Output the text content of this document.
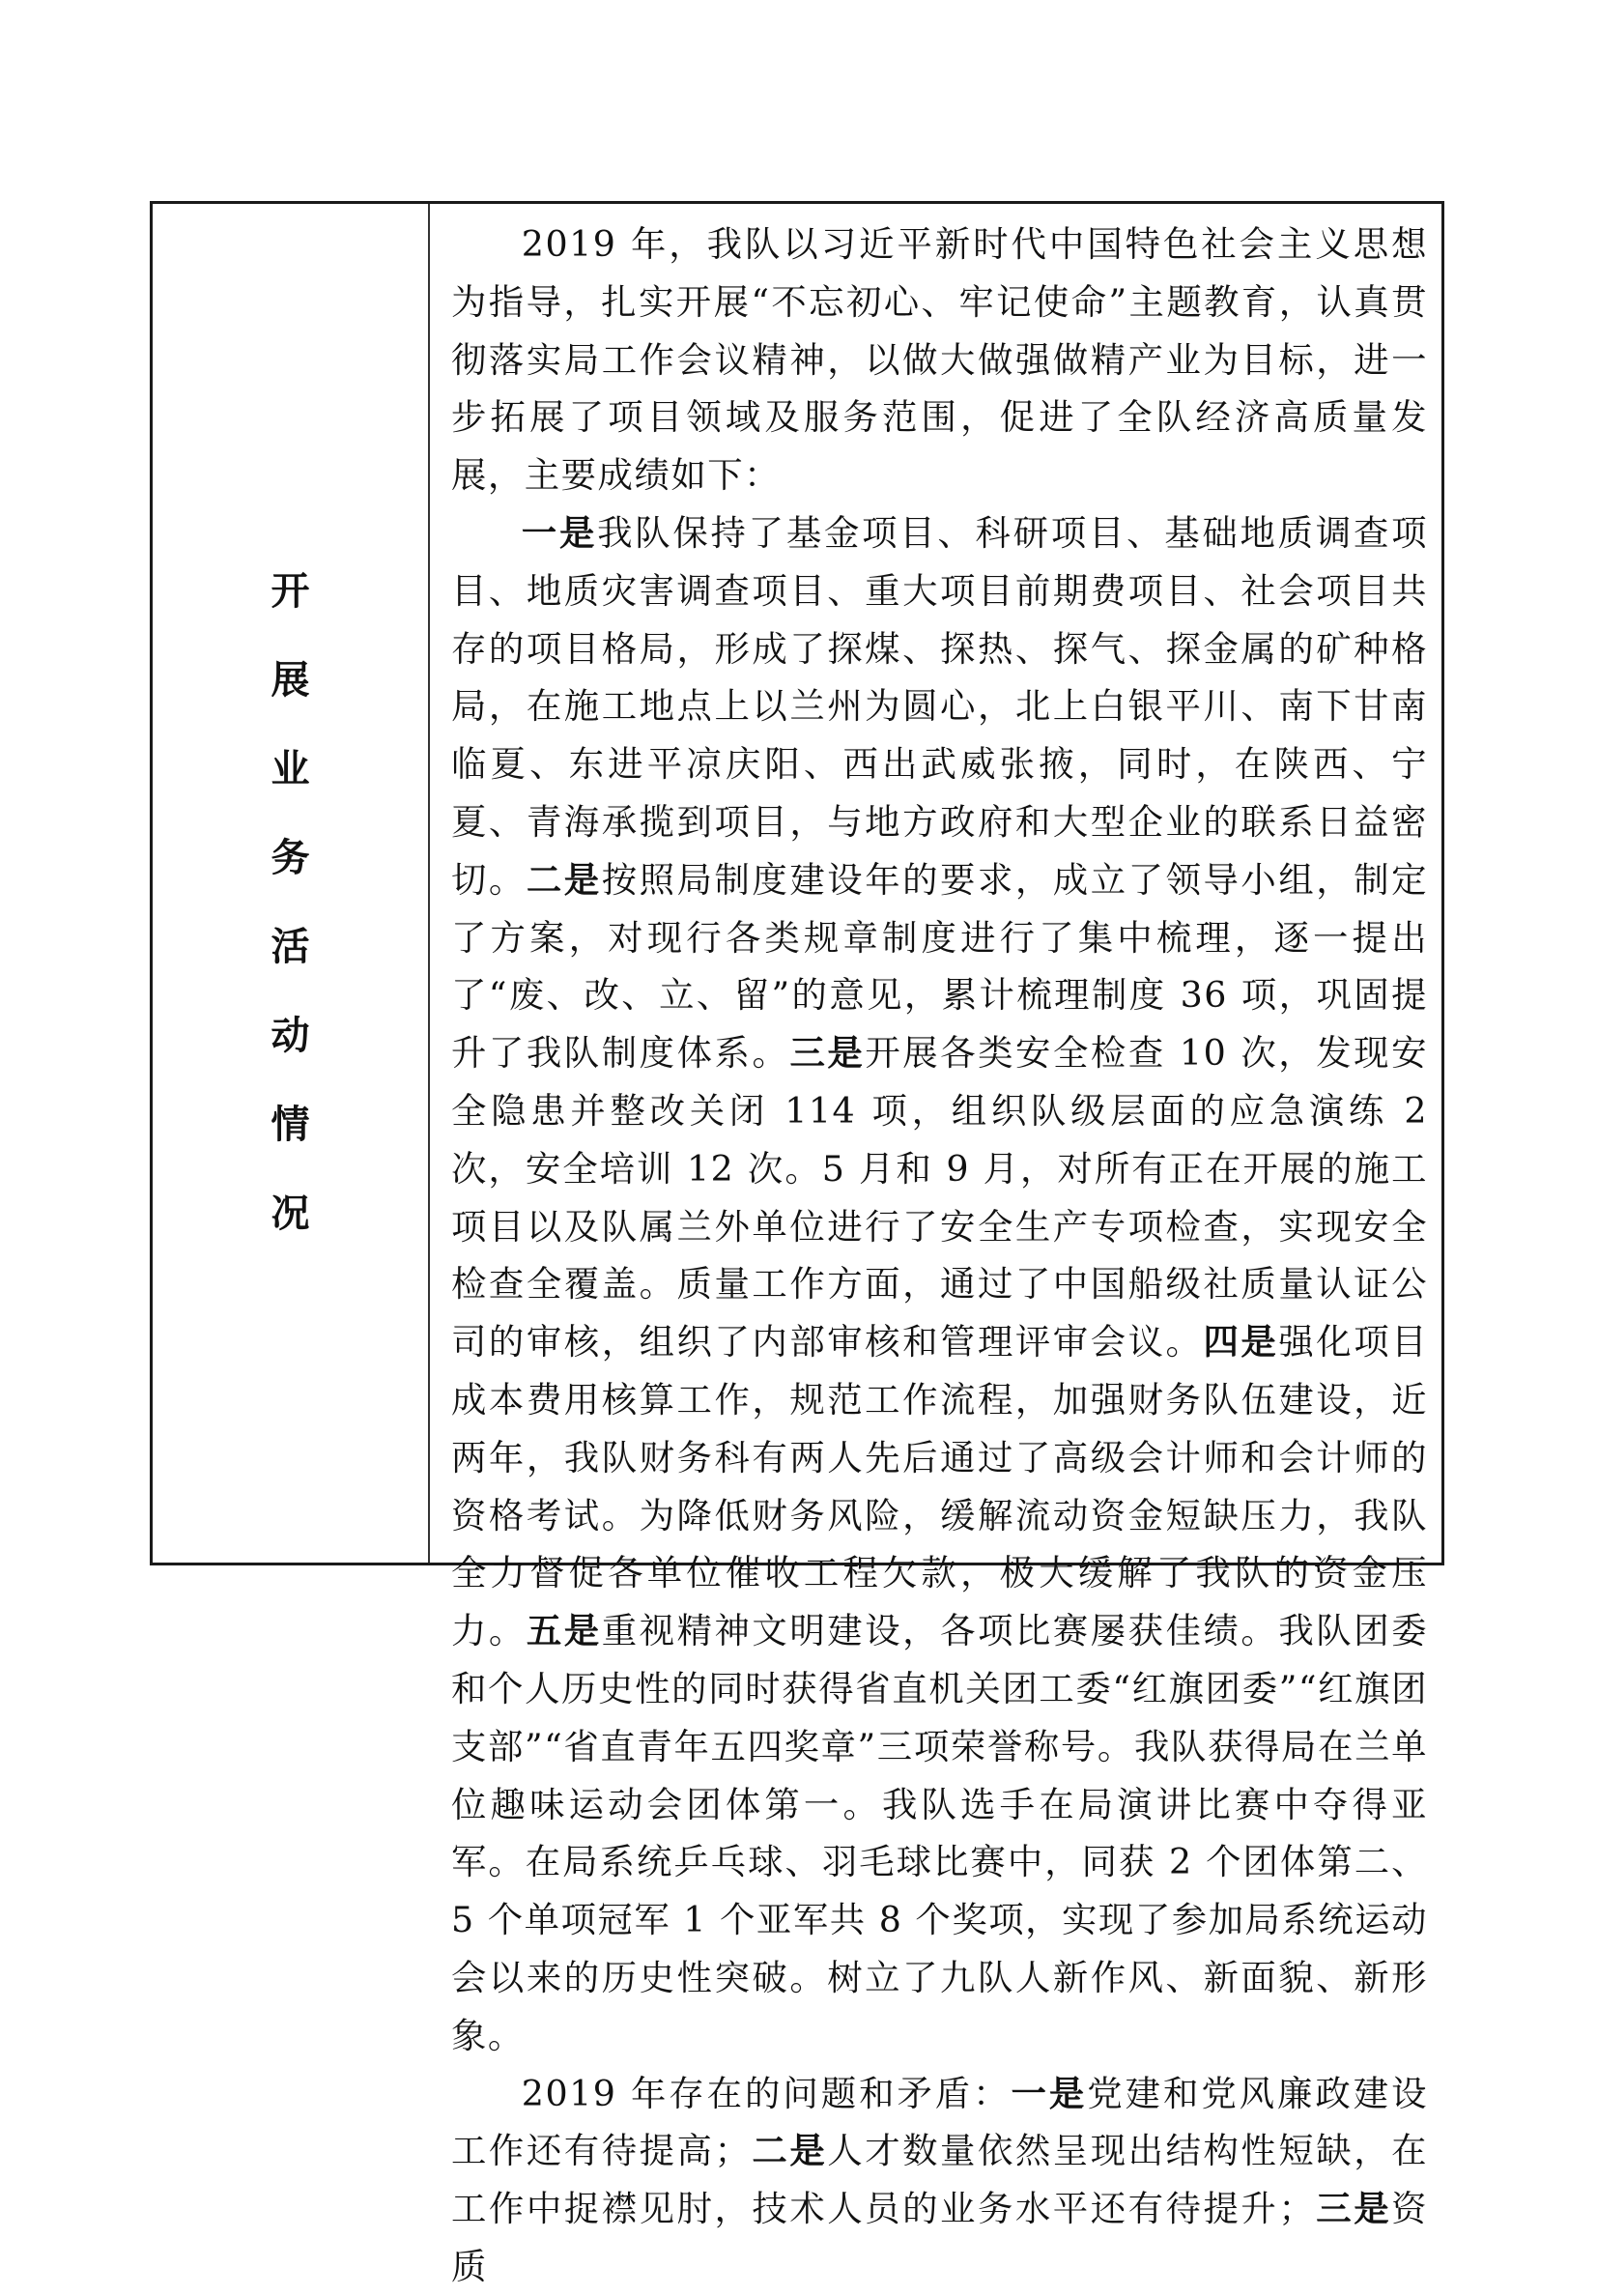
开
展
业
务
活
动
情
况

2019 年，我队以习近平新时代中国特色社会主义思想为指导，扎实开展“不忘初心、牢记使命”主题教育，认真贯彻落实局工作会议精神，以做大做强做精产业为目标，进一步拓展了项目领域及服务范围，促进了全队经济高质量发展，主要成绩如下：

一是我队保持了基金项目、科研项目、基础地质调查项目、地质灾害调查项目、重大项目前期费项目、社会项目共存的项目格局，形成了探煤、探热、探气、探金属的矿种格局，在施工地点上以兰州为圆心，北上白银平川、南下甘南临夏、东进平凉庆阳、西出武威张掖，同时，在陕西、宁夏、青海承揽到项目，与地方政府和大型企业的联系日益密切。二是按照局制度建设年的要求，成立了领导小组，制定了方案，对现行各类规章制度进行了集中梳理，逐一提出了“废、改、立、留”的意见，累计梳理制度 36 项，巩固提升了我队制度体系。三是开展各类安全检查 10 次，发现安全隐患并整改关闭 114 项，组织队级层面的应急演练 2 次，安全培训 12 次。5 月和 9 月，对所有正在开展的施工项目以及队属兰外单位进行了安全生产专项检查，实现安全检查全覆盖。质量工作方面，通过了中国船级社质量认证公司的审核，组织了内部审核和管理评审会议。四是强化项目成本费用核算工作，规范工作流程，加强财务队伍建设，近两年，我队财务科有两人先后通过了高级会计师和会计师的资格考试。为降低财务风险，缓解流动资金短缺压力，我队全力督促各单位催收工程欠款，极大缓解了我队的资金压力。五是重视精神文明建设，各项比赛屡获佳绩。我队团委和个人历史性的同时获得省直机关团工委“红旗团委”“红旗团支部”“省直青年五四奖章”三项荣誉称号。我队获得局在兰单位趣味运动会团体第一。我队选手在局演讲比赛中夺得亚军。在局系统乒乓球、羽毛球比赛中，同获 2 个团体第二、5 个单项冠军 1 个亚军共 8 个奖项，实现了参加局系统运动会以来的历史性突破。树立了九队人新作风、新面貌、新形象。

2019 年存在的问题和矛盾：一是党建和党风廉政建设工作还有待提高；二是人才数量依然呈现出结构性短缺，在工作中捉襟见肘，技术人员的业务水平还有待提升；三是资质
